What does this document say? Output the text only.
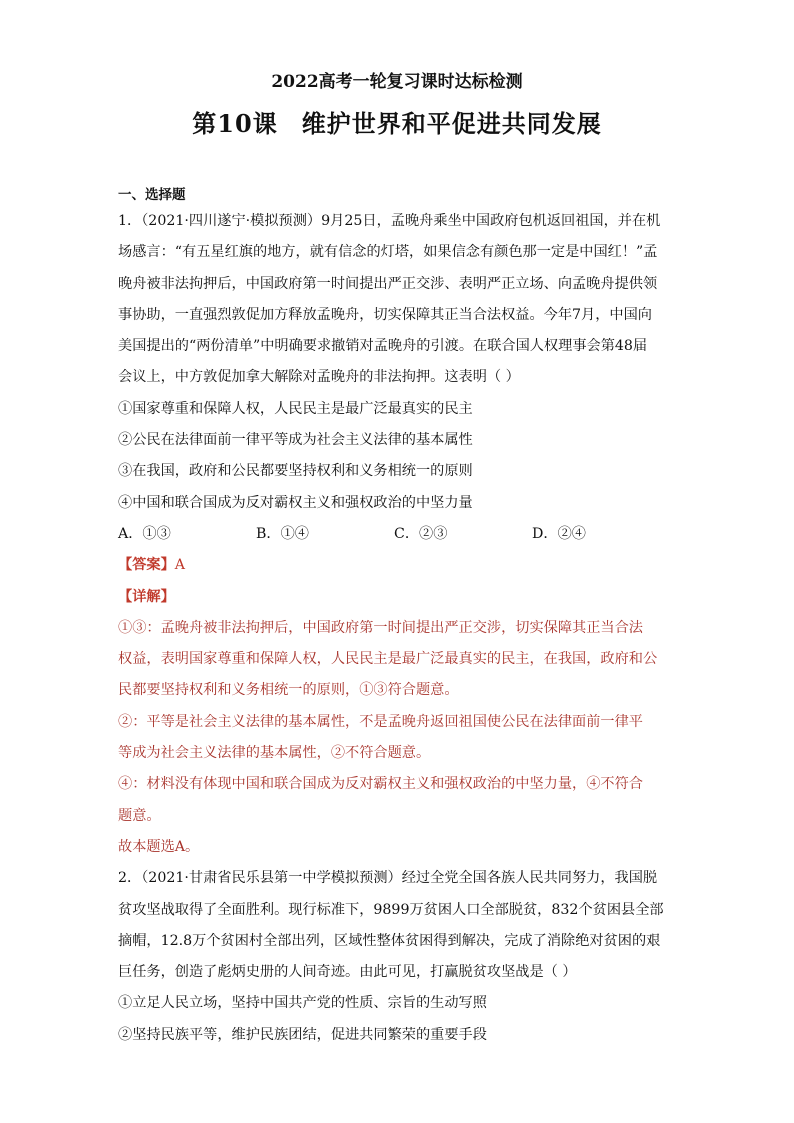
2022高考一轮复习课时达标检测
第10课 维护世界和平促进共同发展
一、选择题
1．（2021·四川遂宁·模拟预测）9月25日，孟晚舟乘坐中国政府包机返回祖国，并在机
场感言：“有五星红旗的地方，就有信念的灯塔，如果信念有颜色那一定是中国红！”孟
晚舟被非法拘押后，中国政府第一时间提出严正交涉、表明严正立场、向孟晚舟提供领
事协助，一直强烈敦促加方释放孟晚舟，切实保障其正当合法权益。今年7月，中国向
美国提出的“两份清单”中明确要求撤销对孟晚舟的引渡。在联合国人权理事会第48届
会议上，中方敦促加拿大解除对孟晚舟的非法拘押。这表明（ ）
①国家尊重和保障人权，人民民主是最广泛最真实的民主
②公民在法律面前一律平等成为社会主义法律的基本属性
③在我国，政府和公民都要坚持权利和义务相统一的原则
④中国和联合国成为反对霸权主义和强权政治的中坚力量
A．①③	B．①④	C．②③	D．②④
【答案】A
【详解】
①③：孟晚舟被非法拘押后，中国政府第一时间提出严正交涉，切实保障其正当合法
权益，表明国家尊重和保障人权，人民民主是最广泛最真实的民主，在我国，政府和公
民都要坚持权利和义务相统一的原则，①③符合题意。
②：平等是社会主义法律的基本属性，不是孟晚舟返回祖国使公民在法律面前一律平
等成为社会主义法律的基本属性，②不符合题意。
④：材料没有体现中国和联合国成为反对霸权主义和强权政治的中坚力量，④不符合
题意。
故本题选A。
2．（2021·甘肃省民乐县第一中学模拟预测）经过全党全国各族人民共同努力，我国脱
贫攻坚战取得了全面胜利。现行标准下，9899万贫困人口全部脱贫，832个贫困县全部
摘帽，12.8万个贫困村全部出列，区域性整体贫困得到解决，完成了消除绝对贫困的艰
巨任务，创造了彪炳史册的人间奇迹。由此可见，打赢脱贫攻坚战是（ ）
①立足人民立场，坚持中国共产党的性质、宗旨的生动写照
②坚持民族平等，维护民族团结，促进共同繁荣的重要手段
